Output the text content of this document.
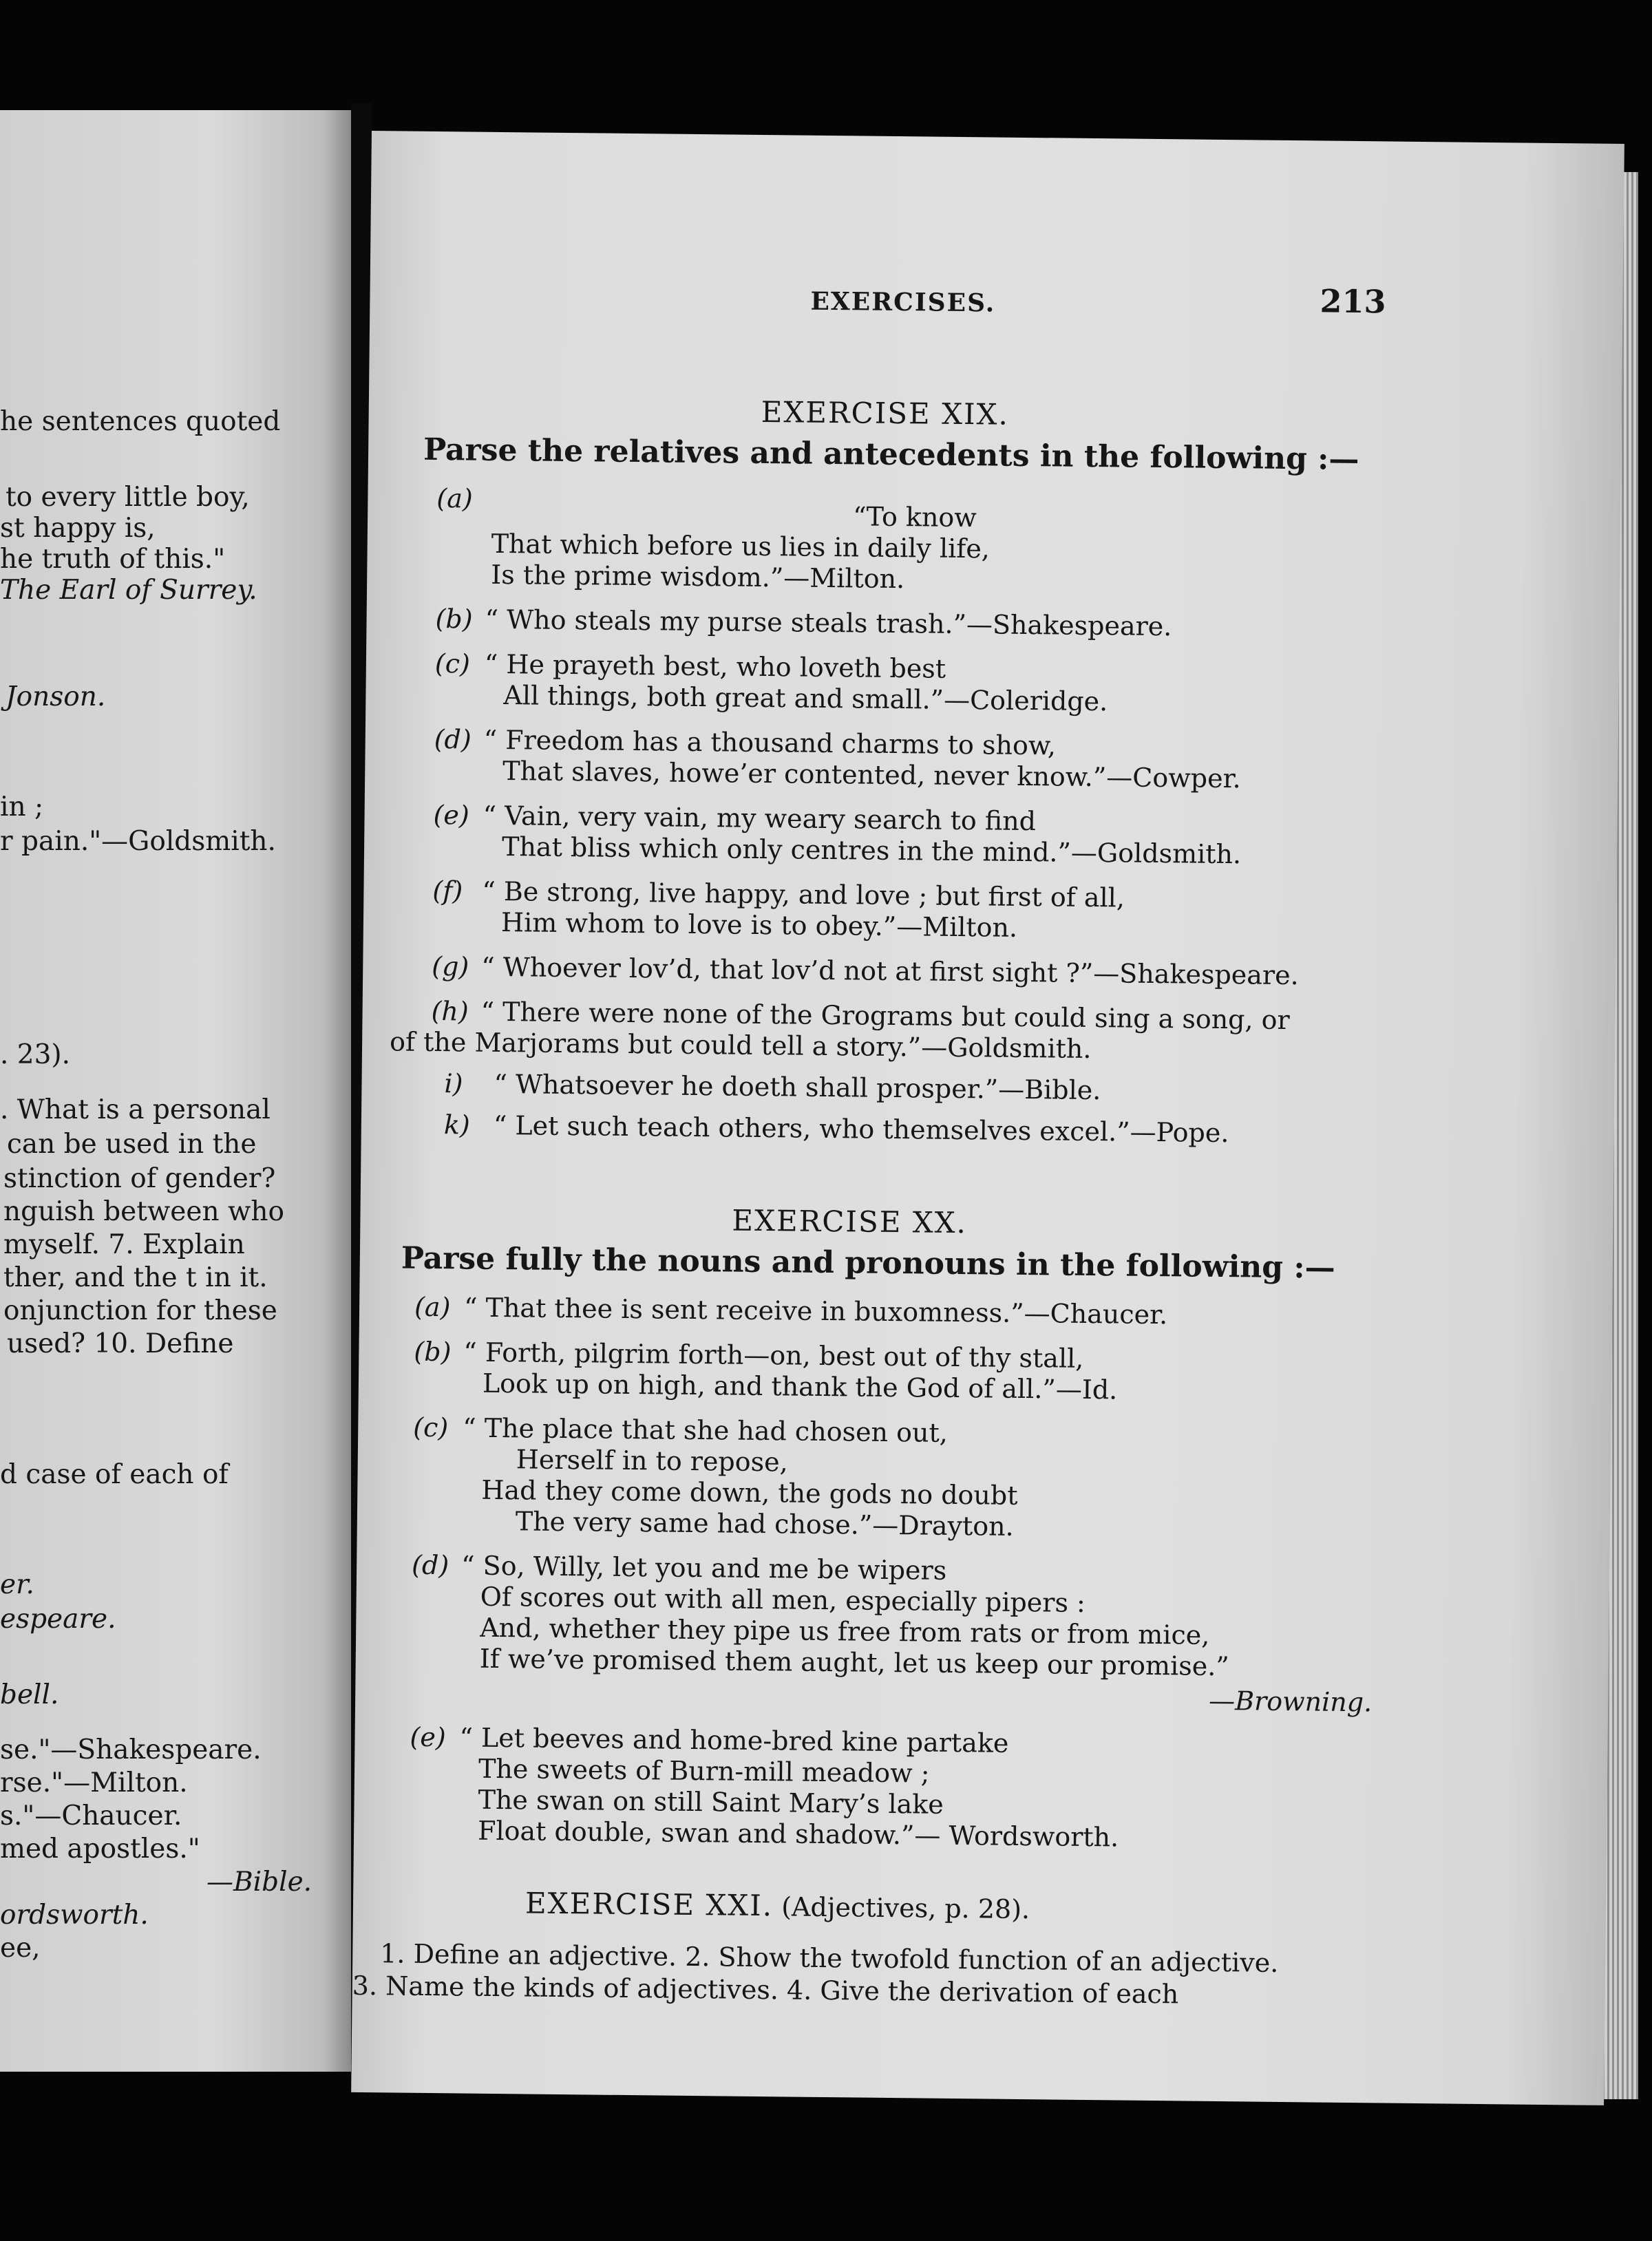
he sentences quoted
to every little boy,
st happy is,
he truth of this."
The Earl of Surrey.
Jonson.
in ;
r pain."—Goldsmith.
. 23).
. What is a personal
can be used in the
stinction of gender?
nguish between who
myself. 7. Explain
ther, and the t in it.
onjunction for these
used? 10. Define
d case of each of
er.
espeare.
bell.
se."—Shakespeare.
rse."—Milton.
s."—Chaucer.
med apostles."
—Bible.
ordsworth.
ee,
EXERCISES.	213
EXERCISE XIX.
Parse the relatives and antecedents in the following :—
(a)
“To know
That which before us lies in daily life,
Is the prime wisdom.”—Milton.
(b) “ Who steals my purse steals trash.”—Shakespeare.
(c) “ He prayeth best, who loveth best
All things, both great and small.”—Coleridge.
(d) “ Freedom has a thousand charms to show,
That slaves, howe’er contented, never know.”—Cowper.
(e) “ Vain, very vain, my weary search to find
That bliss which only centres in the mind.”—Goldsmith.
(f) “ Be strong, live happy, and love ; but first of all,
Him whom to love is to obey.”—Milton.
(g) “ Whoever lov’d, that lov’d not at first sight ?”—Shakespeare.
(h) “ There were none of the Grograms but could sing a song, or
of the Marjorams but could tell a story.”—Goldsmith.
i) “ Whatsoever he doeth shall prosper.”—Bible.
k) “ Let such teach others, who themselves excel.”—Pope.
EXERCISE XX.
Parse fully the nouns and pronouns in the following :—
(a) “ That thee is sent receive in buxomness.”—Chaucer.
(b) “ Forth, pilgrim forth—on, best out of thy stall,
Look up on high, and thank the God of all.”—Id.
(c) “ The place that she had chosen out,
Herself in to repose,
Had they come down, the gods no doubt
The very same had chose.”—Drayton.
(d) “ So, Willy, let you and me be wipers
Of scores out with all men, especially pipers :
And, whether they pipe us free from rats or from mice,
If we’ve promised them aught, let us keep our promise.”
—Browning.
(e) “ Let beeves and home-bred kine partake
The sweets of Burn-mill meadow ;
The swan on still Saint Mary’s lake
Float double, swan and shadow.”— Wordsworth.
EXERCISE XXI. (Adjectives, p. 28).
1. Define an adjective. 2. Show the twofold function of an adjective.
3. Name the kinds of adjectives. 4. Give the derivation of each
